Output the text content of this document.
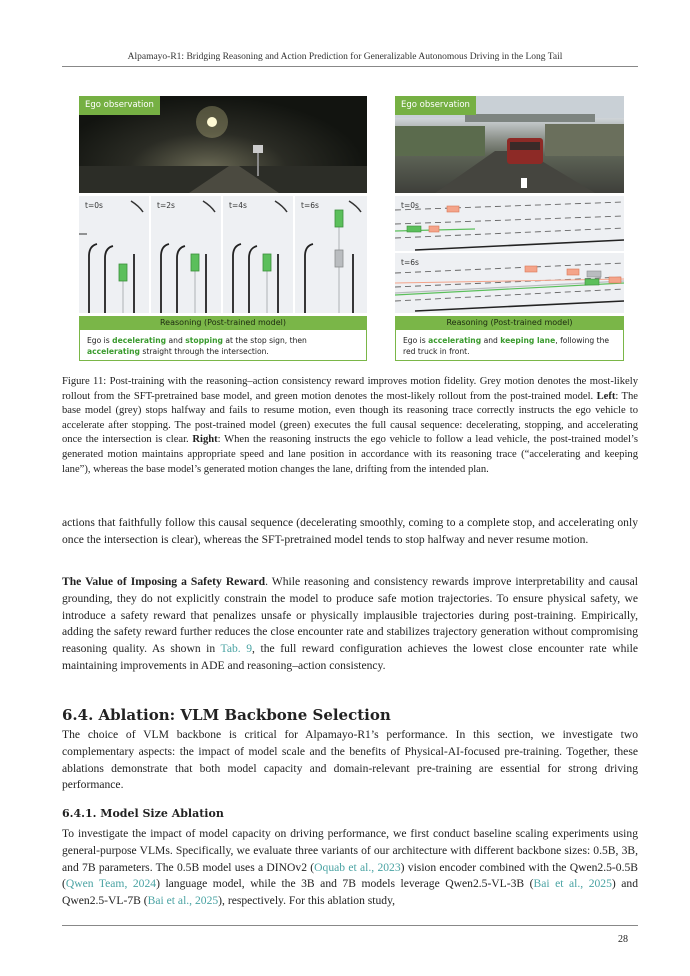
Alpamayo-R1: Bridging Reasoning and Action Prediction for Generalizable Autonomous Driving in the Long Tail
Ego observation
t=0s	t=2s	t=4s	t=6s
Reasoning (Post-trained model)
Ego is decelerating and stopping at the stop sign, then accelerating straight through the intersection.
Ego observation
t=0s
t=6s
Reasoning (Post-trained model)
Ego is accelerating and keeping lane, following the red truck in front.
Figure 11: Post-training with the reasoning–action consistency reward improves motion fidelity. Grey motion denotes the most-likely rollout from the SFT-pretrained base model, and green motion denotes the most-likely rollout from the post-trained model. Left: The base model (grey) stops halfway and fails to resume motion, even though its reasoning trace correctly instructs the ego vehicle to accelerate after stopping. The post-trained model (green) executes the full causal sequence: decelerating, stopping, and accelerating once the intersection is clear. Right: When the reasoning instructs the ego vehicle to follow a lead vehicle, the post-trained model’s generated motion maintains appropriate speed and lane position in accordance with its reasoning trace (“accelerating and keeping lane”), whereas the base model’s generated motion changes the lane, drifting from the intended plan.
actions that faithfully follow this causal sequence (decelerating smoothly, coming to a complete stop, and accelerating only once the intersection is clear), whereas the SFT-pretrained model tends to stop halfway and never resume motion.
The Value of Imposing a Safety Reward. While reasoning and consistency rewards improve interpretability and causal grounding, they do not explicitly constrain the model to produce safe motion trajectories. To ensure physical safety, we introduce a safety reward that penalizes unsafe or physically implausible trajectories during post-training. Empirically, adding the safety reward further reduces the close encounter rate and stabilizes trajectory generation without compromising reasoning quality. As shown in Tab. 9, the full reward configuration achieves the lowest close encounter rate while maintaining improvements in ADE and reasoning–action consistency.
6.4. Ablation: VLM Backbone Selection
The choice of VLM backbone is critical for Alpamayo-R1’s performance. In this section, we investigate two complementary aspects: the impact of model scale and the benefits of Physical-AI-focused pre-training. Together, these ablations demonstrate that both model capacity and domain-relevant pre-training are essential for strong driving performance.
6.4.1. Model Size Ablation
To investigate the impact of model capacity on driving performance, we first conduct baseline scaling experiments using general-purpose VLMs. Specifically, we evaluate three variants of our architecture with different backbone sizes: 0.5B, 3B, and 7B parameters. The 0.5B model uses a DINOv2 (Oquab et al., 2023) vision encoder combined with the Qwen2.5-0.5B (Qwen Team, 2024) language model, while the 3B and 7B models leverage Qwen2.5-VL-3B (Bai et al., 2025) and Qwen2.5-VL-7B (Bai et al., 2025), respectively. For this ablation study,
28
